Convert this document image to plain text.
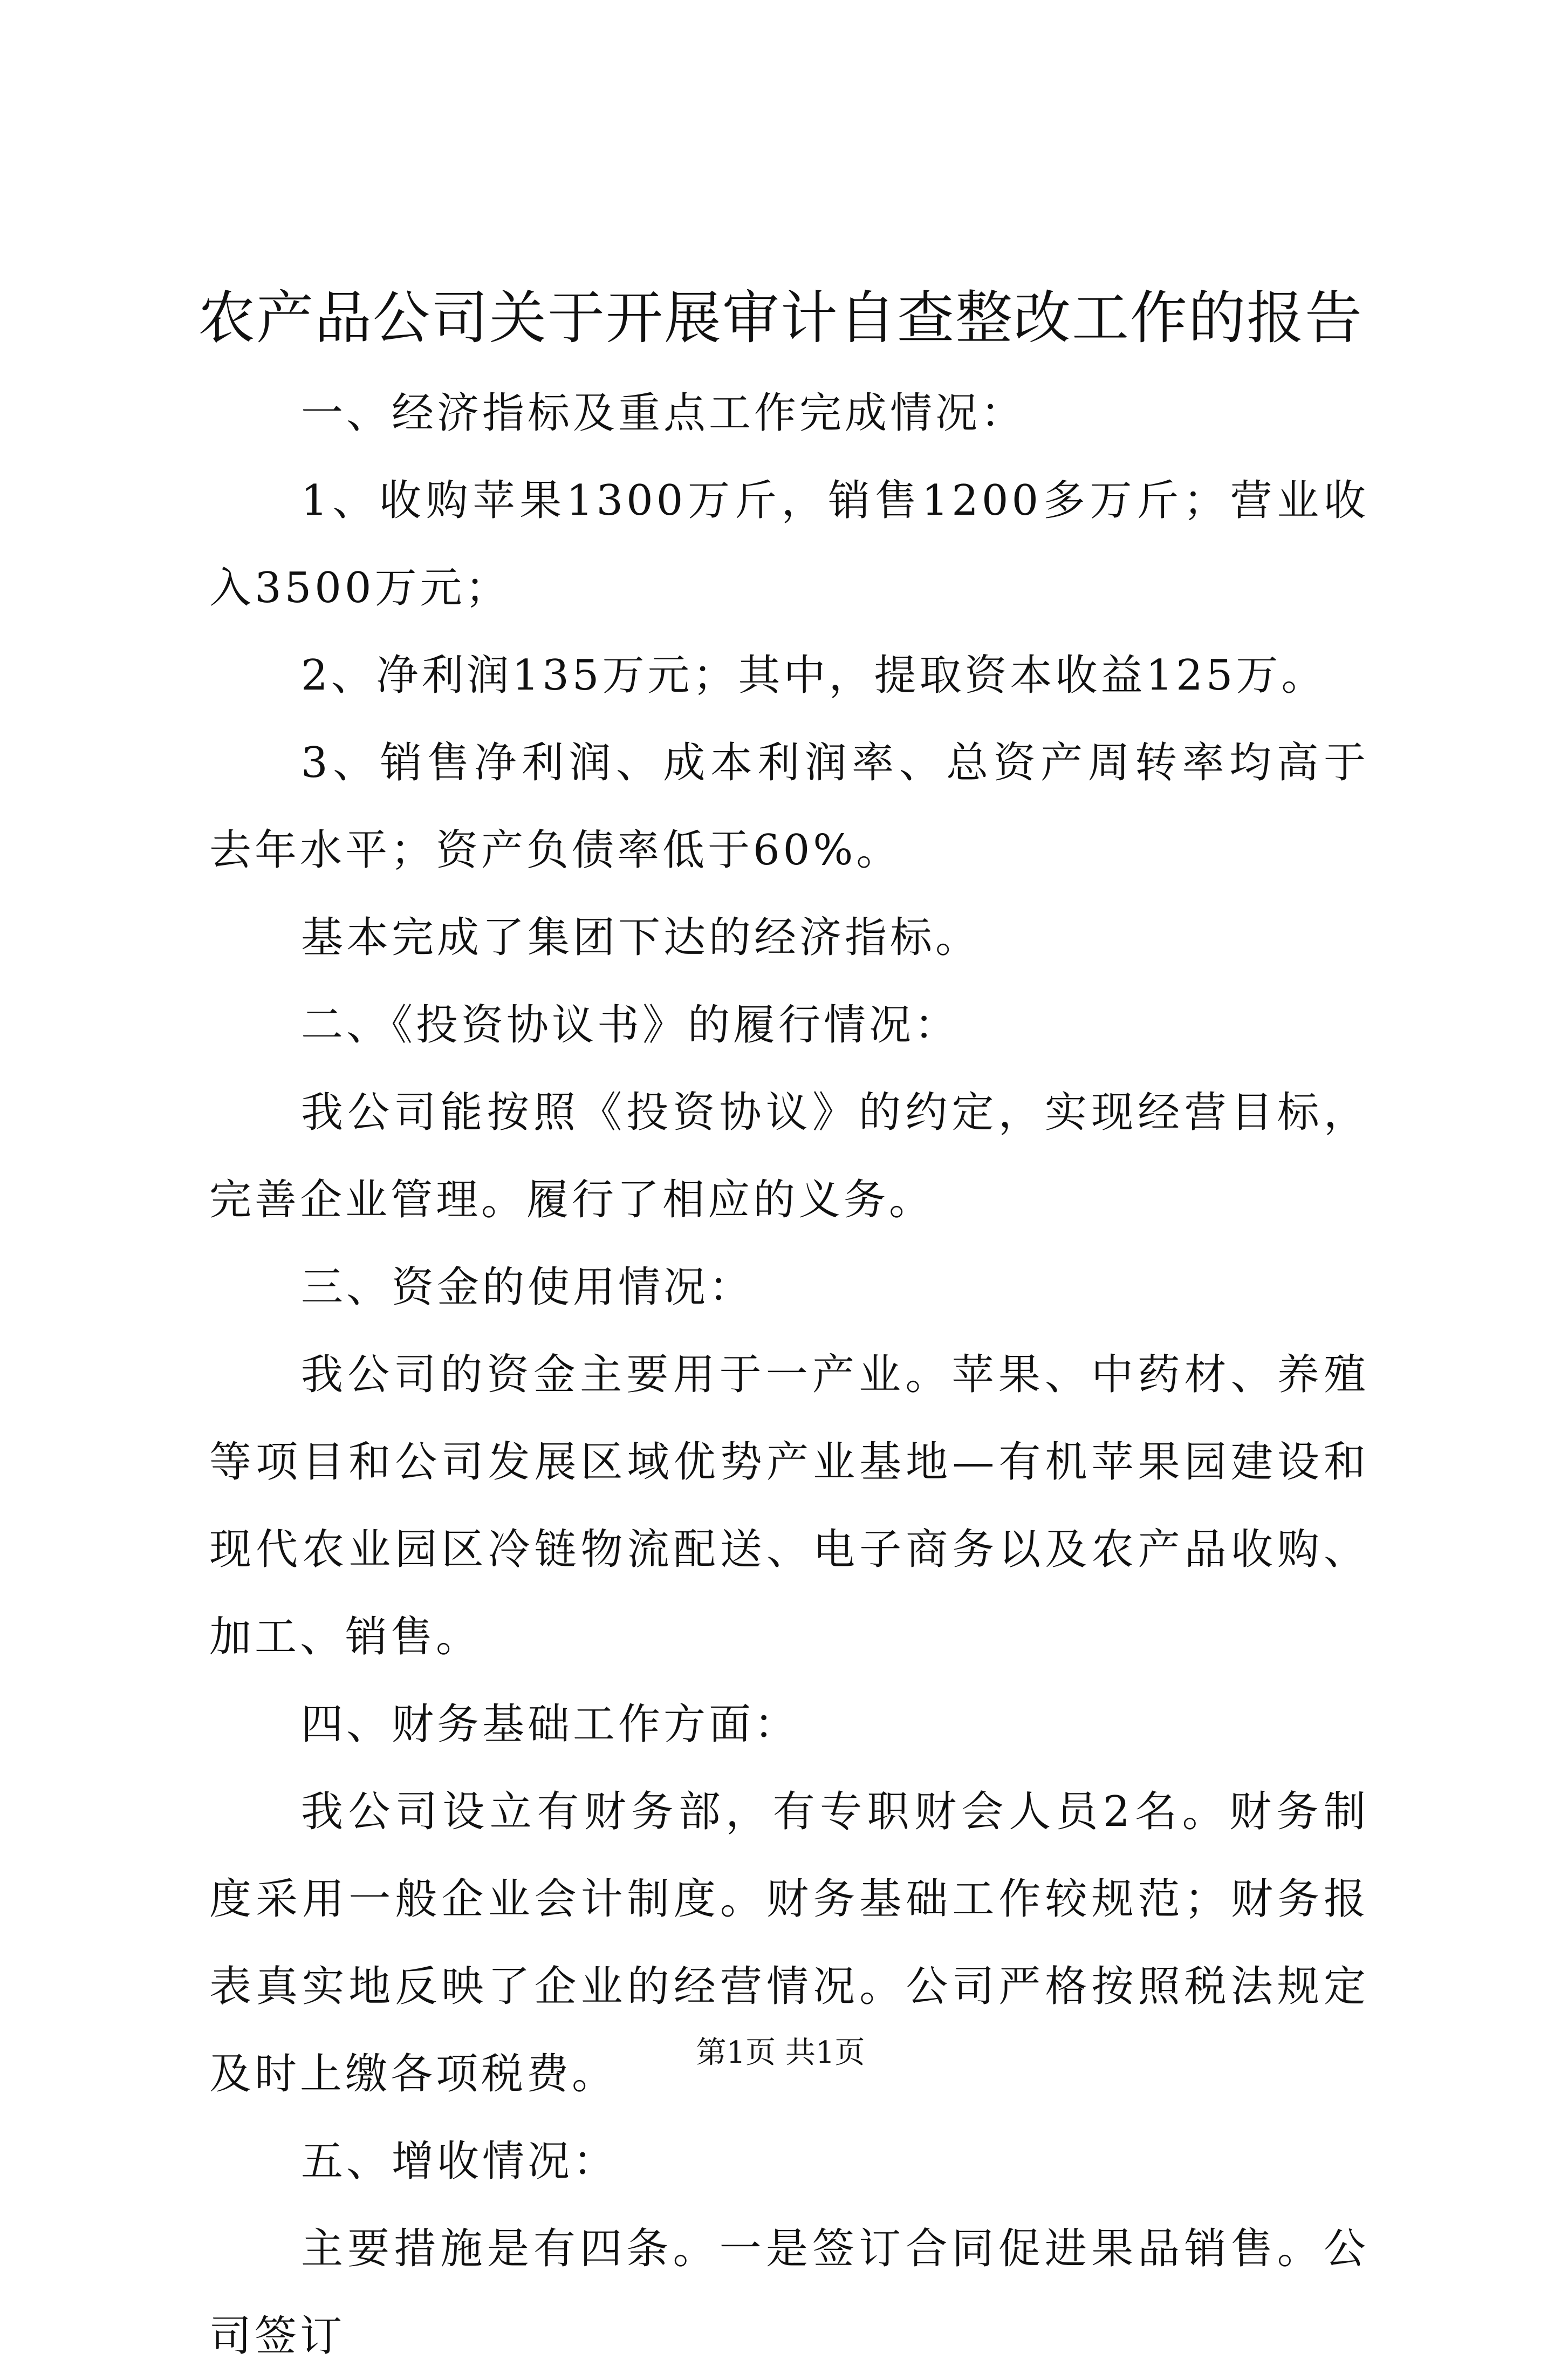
农产品公司关于开展审计自查整改工作的报告

一、经济指标及重点工作完成情况：

1、收购苹果1300万斤，销售1200多万斤；营业收入3500万元；

2、净利润135万元；其中，提取资本收益125万。

3、销售净利润、成本利润率、总资产周转率均高于去年水平；资产负债率低于60%。

基本完成了集团下达的经济指标。

二、《投资协议书》的履行情况：

我公司能按照《投资协议》的约定，实现经营目标，完善企业管理。履行了相应的义务。

三、资金的使用情况：

我公司的资金主要用于一产业。苹果、中药材、养殖等项目和公司发展区域优势产业基地—有机苹果园建设和现代农业园区冷链物流配送、电子商务以及农产品收购、加工、销售。

四、财务基础工作方面：

我公司设立有财务部，有专职财会人员2名。财务制度采用一般企业会计制度。财务基础工作较规范；财务报表真实地反映了企业的经营情况。公司严格按照税法规定及时上缴各项税费。

五、增收情况：

主要措施是有四条。一是签订合同促进果品销售。公司签订

第1页 共1页
